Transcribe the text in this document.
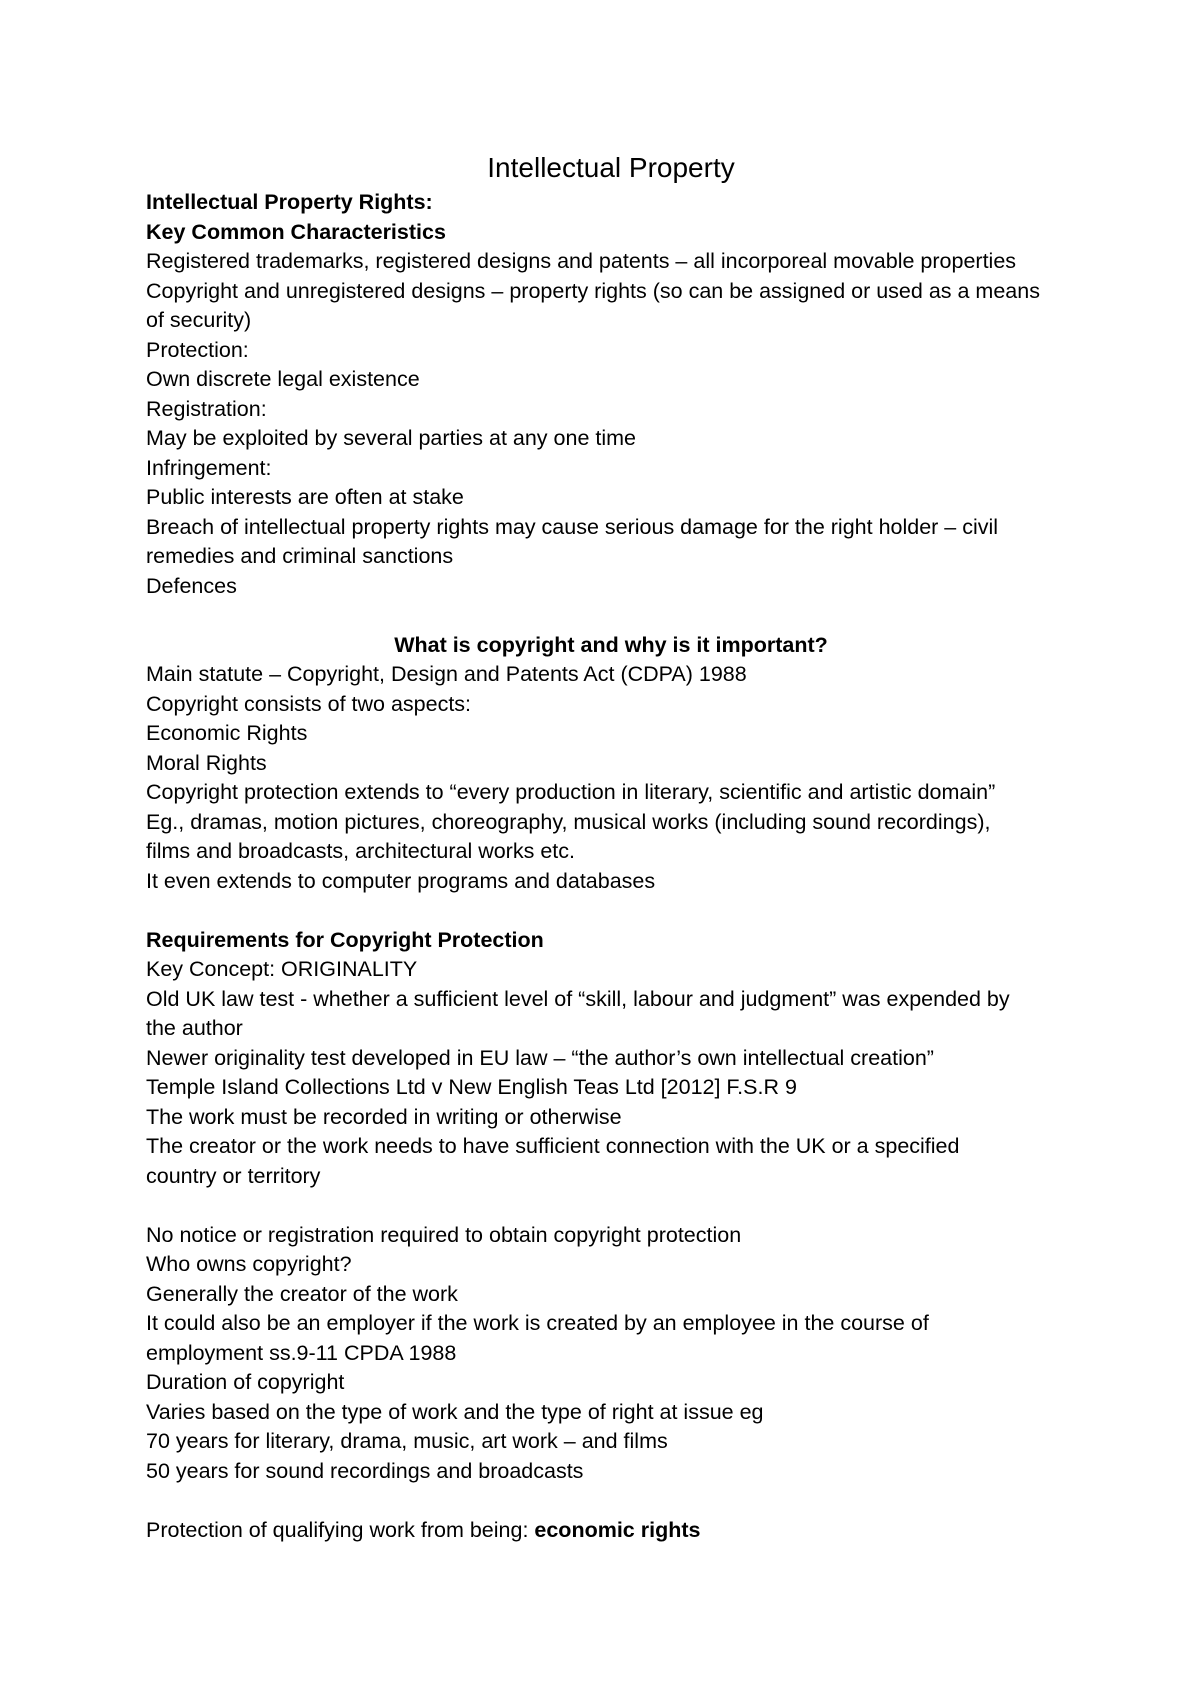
Intellectual Property
Intellectual Property Rights:
Key Common Characteristics
Registered trademarks, registered designs and patents – all incorporeal movable properties
Copyright and unregistered designs – property rights (so can be assigned or used as a means
of security)
Protection:
Own discrete legal existence
Registration:
May be exploited by several parties at any one time
Infringement:
Public interests are often at stake
Breach of intellectual property rights may cause serious damage for the right holder – civil
remedies and criminal sanctions
Defences
What is copyright and why is it important?
Main statute – Copyright, Design and Patents Act (CDPA) 1988
Copyright consists of two aspects:
Economic Rights
Moral Rights
Copyright protection extends to “every production in literary, scientific and artistic domain”
Eg., dramas, motion pictures, choreography, musical works (including sound recordings),
films and broadcasts, architectural works etc.
It even extends to computer programs and databases
Requirements for Copyright Protection
Key Concept: ORIGINALITY
Old UK law test - whether a sufficient level of “skill, labour and judgment” was expended by
the author
Newer originality test developed in EU law – “the author’s own intellectual creation”
Temple Island Collections Ltd v New English Teas Ltd [2012] F.S.R 9
The work must be recorded in writing or otherwise
The creator or the work needs to have sufficient connection with the UK or a specified
country or territory
No notice or registration required to obtain copyright protection
Who owns copyright?
Generally the creator of the work
It could also be an employer if the work is created by an employee in the course of
employment ss.9-11 CPDA 1988
Duration of copyright
Varies based on the type of work and the type of right at issue eg
70 years for literary, drama, music, art work – and films
50 years for sound recordings and broadcasts
Protection of qualifying work from being: economic rights
